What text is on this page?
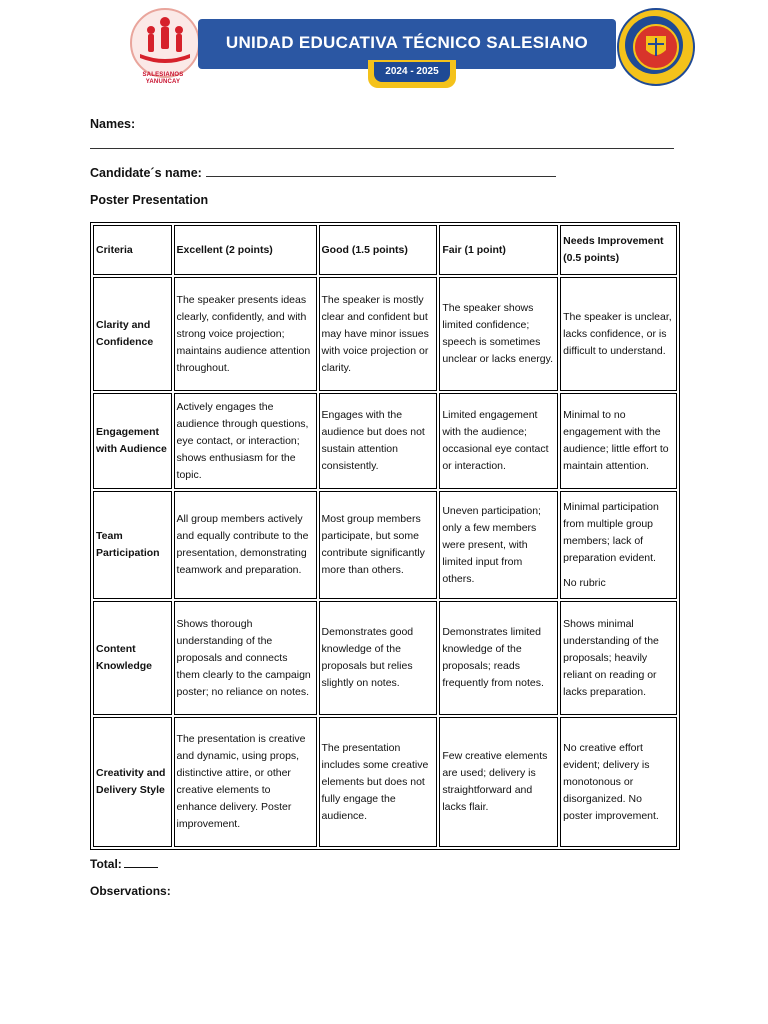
SALESIANOS
YANUNCAY
UNIDAD EDUCATIVA TÉCNICO SALESIANO
2024 - 2025
Names:
Candidate´s name:
Poster Presentation
Criteria	Excellent (2 points)	Good (1.5 points)	Fair (1 point)	Needs Improvement (0.5 points)
Clarity and Confidence	The speaker presents ideas clearly, confidently, and with strong voice projection; maintains audience attention throughout.	The speaker is mostly clear and confident but may have minor issues with voice projection or clarity.	The speaker shows limited confidence; speech is sometimes unclear or lacks energy.	The speaker is unclear, lacks confidence, or is difficult to understand.
Engagement with Audience	Actively engages the audience through questions, eye contact, or interaction; shows enthusiasm for the topic.	Engages with the audience but does not sustain attention consistently.	Limited engagement with the audience; occasional eye contact or interaction.	Minimal to no engagement with the audience; little effort to maintain attention.
Team Participation	All group members actively and equally contribute to the presentation, demonstrating teamwork and preparation.	Most group members participate, but some contribute significantly more than others.	Uneven participation; only a few members were present, with limited input from others.	Minimal participation from multiple group members; lack of preparation evident.

No rubric

Content Knowledge	Shows thorough understanding of the proposals and connects them clearly to the campaign poster; no reliance on notes.	Demonstrates good knowledge of the proposals but relies slightly on notes.	Demonstrates limited knowledge of the proposals; reads frequently from notes.	Shows minimal understanding of the proposals; heavily reliant on reading or lacks preparation.
Creativity and Delivery Style	The presentation is creative and dynamic, using props, distinctive attire, or other creative elements to enhance delivery. Poster improvement.	The presentation includes some creative elements but does not fully engage the audience.	Few creative elements are used; delivery is straightforward and lacks flair.	No creative effort evident; delivery is monotonous or disorganized. No poster improvement.
Total:
Observations:
